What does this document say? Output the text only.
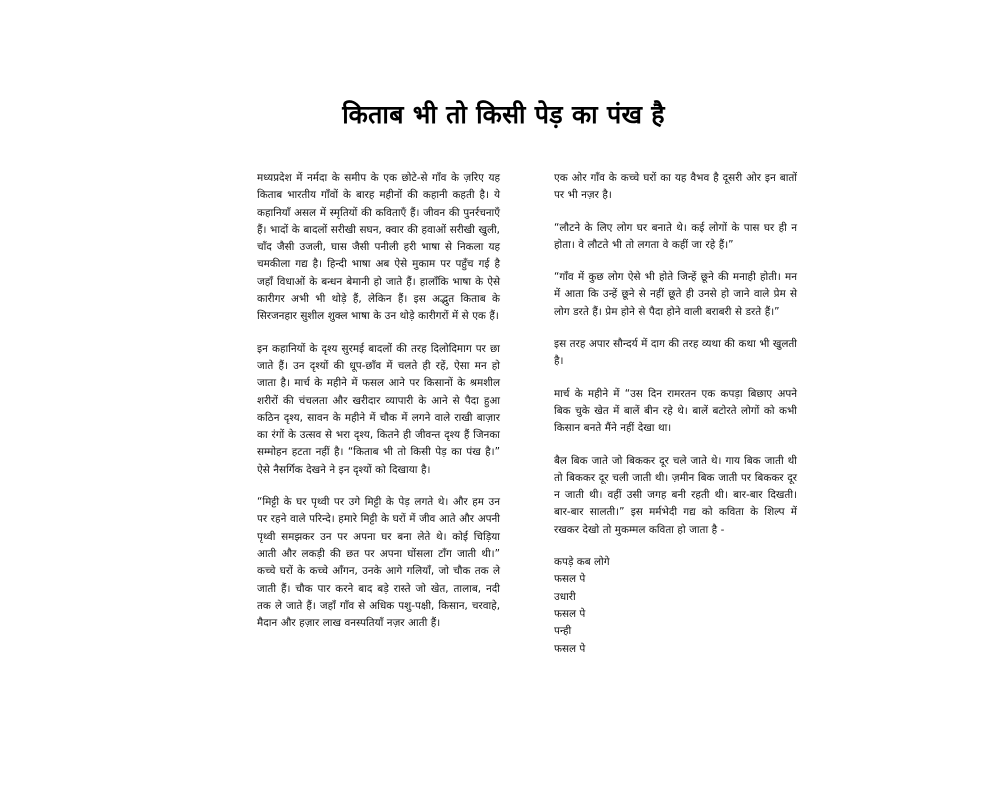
किताब भी तो किसी पेड़ का पंख है

मध्यप्रदेश में नर्मदा के समीप के एक छोटे-से गाँव के ज़रिए यह किताब भारतीय गाँवों के बारह महीनों की कहानी कहती है। ये कहानियाँ असल में स्मृतियों की कविताएँ हैं। जीवन की पुनर्रचनाएँ हैं। भादों के बादलों सरीखी सघन, क्वार की हवाओं सरीखी खुली, चाँद जैसी उजली, घास जैसी पनीली हरी भाषा से निकला यह चमकीला गद्य है। हिन्दी भाषा अब ऐसे मुकाम पर पहुँच गई है जहाँ विधाओं के बन्धन बेमानी हो जाते हैं। हालाँकि भाषा के ऐसे कारीगर अभी भी थोड़े हैं, लेकिन हैं। इस अद्भुत किताब के सिरजनहार सुशील शुक्ल भाषा के उन थोड़े कारीगरों में से एक हैं।

इन कहानियों के दृश्य सुरमई बादलों की तरह दिलोदिमाग पर छा जाते हैं। उन दृश्यों की धूप-छाँव में चलते ही रहें, ऐसा मन हो जाता है। मार्च के महीने में फसल आने पर किसानों के श्रमशील शरीरों की चंचलता और खरीदार व्यापारी के आने से पैदा हुआ कठिन दृश्य, सावन के महीने में चौक में लगने वाले राखी बाज़ार का रंगों के उत्सव से भरा दृश्य, कितने ही जीवन्त दृश्य हैं जिनका सम्मोहन हटता नहीं है। “किताब भी तो किसी पेड़ का पंख है।” ऐसे नैसर्गिक देखने ने इन दृश्यों को दिखाया है।

“मिट्टी के घर पृथ्वी पर उगे मिट्टी के पेड़ लगते थे। और हम उन पर रहने वाले परिन्दे। हमारे मिट्टी के घरों में जीव आते और अपनी पृथ्वी समझकर उन पर अपना घर बना लेते थे। कोई चिड़िया आती और लकड़ी की छत पर अपना घोंसला टाँग जाती थी।” कच्चे घरों के कच्चे आँगन, उनके आगे गलियाँ, जो चौक तक ले जाती हैं। चौक पार करने बाद बड़े रास्ते जो खेत, तालाब, नदी तक ले जाते हैं। जहाँ गाँव से अधिक पशु-पक्षी, किसान, चरवाहे, मैदान और हज़ार लाख वनस्पतियाँ नज़र आती हैं।

एक ओर गाँव के कच्चे घरों का यह वैभव है दूसरी ओर इन बातों पर भी नज़र है।

“लौटने के लिए लोग घर बनाते थे। कई लोगों के पास घर ही न होता। वे लौटते भी तो लगता वे कहीं जा रहे हैं।”

“गाँव में कुछ लोग ऐसे भी होते जिन्हें छूने की मनाही होती। मन में आता कि उन्हें छूने से नहीं छूते ही उनसे हो जाने वाले प्रेम से लोग डरते हैं। प्रेम होने से पैदा होने वाली बराबरी से डरते हैं।”

इस तरह अपार सौन्दर्य में दाग की तरह व्यथा की कथा भी खुलती है।

मार्च के महीने में “उस दिन रामरतन एक कपड़ा बिछाए अपने बिक चुके खेत में बालें बीन रहे थे। बालें बटोरते लोगों को कभी किसान बनते मैंने नहीं देखा था।

बैल बिक जाते जो बिककर दूर चले जाते थे। गाय बिक जाती थी तो बिककर दूर चली जाती थी। ज़मीन बिक जाती पर बिककर दूर न जाती थी। वहीं उसी जगह बनी रहती थी। बार-बार दिखती। बार-बार सालती।” इस मर्मभेदी गद्य को कविता के शिल्प में रखकर देखो तो मुकम्मल कविता हो जाता है -

कपड़े कब लोगे
फसल पे
उधारी
फसल पे
पन्ही
फसल पे
